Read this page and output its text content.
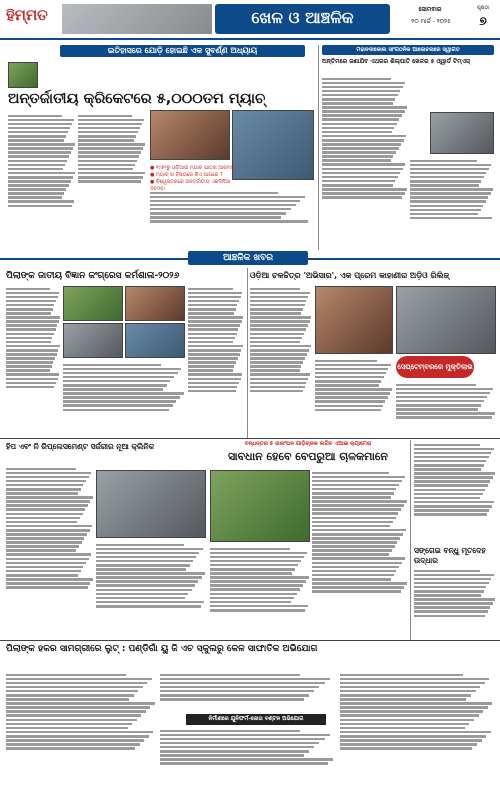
ହିମ୍ମତ	ଖେଳ ଓ ଆଞ୍ଚଳିକ	ସୋମବାର
୧୦ ମାର୍ଚ୍ଚ - ୨୦୨୫
ପୃଷ୍ଠା
୭
ଇତିହାସରେ ଯୋଡ଼ି ହୋଇଛି ଏକ ସୁବର୍ଣ୍ଣ ଅଧ୍ୟାୟ
ଅନ୍ତର୍ଜାତୀୟ କ୍ରିକେଟରେ ୫,୦୦୦ତମ ମ୍ୟାଚ୍
● ୧୯୭୧ରୁ ଓଡ଼ିଆଇ ମ୍ୟାଚ ଯାତ୍ରା ଆରମ୍ଭ
● ମ୍ୟାଚ୍ ର ବିଷୟରେ କିଏ ଆଗରେ ?
● ବିଶ୍ୱସ୍ତରରେ ଅନ୍ତର୍ଜାତୀୟ ଏକଦିନିଆ ଦବଦବା
ମହାନଦୀକୋଲ ସାଂଗଠନିକ ଆଲୋଚନାରେ ସ୍ୱାଗତ
ଅନ୍ତିମରେ ଜଣାଯିବ ଏଥରର ଶିଲ୍ପାତି ଖେଳର ୫ ଓ୍ୱାର୍ଡ ଟିମ୍‌ଏସ୍
ଆଞ୍ଚଳିକ ଖବର
ପିଲାଙ୍କ ଜାତୀୟ ବିଜ୍ଞାନ କଂଗ୍ରେସ କର୍ମଶାଳା-୨୦୨୬	ଓଡ଼ିଆ ଚଳଚ୍ଚିତ୍ର 'ଅଭିସାର', ଏକ ପ୍ରେମ କାହାଣୀର ଅଡ଼ିଓ ରିଲିଜ୍
ସେପ୍ଟେମ୍ବରରେ ମୁକ୍ତିଲାଭ
ହିପ ଏବଂ ନି ରିପ୍ଲେସମେଣ୍ଟ ସର୍ଜରୀର ନୂଆ କ୍ଲିନିକ	ବନ୍ଧନ୍ତର ୫ ଉଲଂଘନ ଗାଡ଼ିଚାଳକ ଲଗିବ ଏଆଇ କ୍ୟାମେରା
ସାବଧାନ ହେବେ ବେପରୁଆ ଚାଳକମାନେ
ସଙ୍ଗେଇ ବନ୍ଧୁ ମୂତଦେହ ଉଦ୍ଧାର
ପିଲାଙ୍କ ହକର ସାମଗ୍ରୀରେ ଲୁଟ୍ : ପଣ୍ଡିଗାଁ ୟୁ ଜି ଏଚ ସ୍କୁଲରୁ କେଳ ସାଙ୍ଘାତିକ ଅଭିଯୋଗ
ନିର୍ମାଣରେ ଯୁନିଫର୍ମ-ଜୋତା ବଣ୍ଟନ ଅଭିଯୋଗ
